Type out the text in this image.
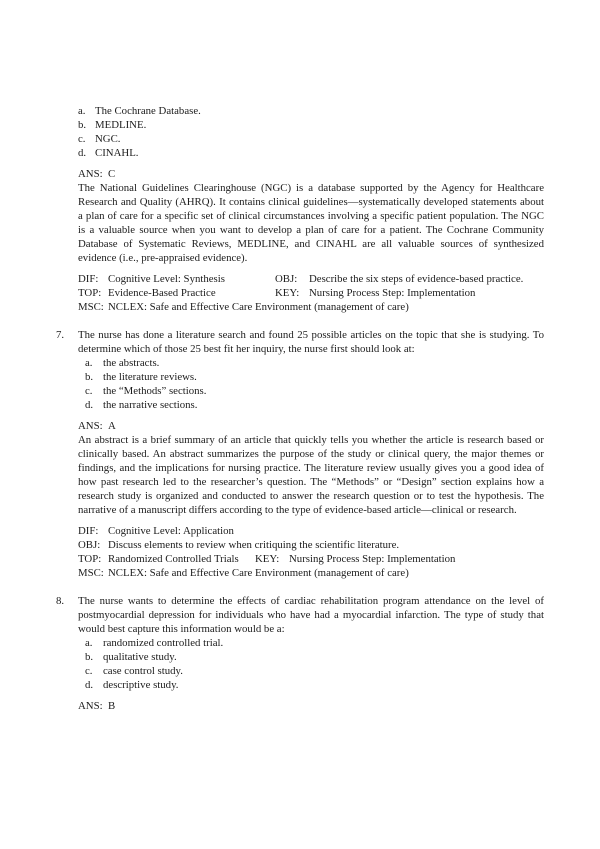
a. The Cochrane Database.
b. MEDLINE.
c. NGC.
d. CINAHL.
ANS: C

The National Guidelines Clearinghouse (NGC) is a database supported by the Agency for Healthcare Research and Quality (AHRQ). It contains clinical guidelines—systematically developed statements about a plan of care for a specific set of clinical circumstances involving a specific patient population. The NGC is a valuable source when you want to develop a plan of care for a patient. The Cochrane Community Database of Systematic Reviews, MEDLINE, and CINAHL are all valuable sources of synthesized evidence (i.e., pre-appraised evidence).

DIF: Cognitive Level: Synthesis	OBJ:	Describe the six steps of evidence-based practice.
TOP: Evidence-Based Practice	KEY: Nursing Process Step: Implementation
MSC: NCLEX: Safe and Effective Care Environment (management of care)
7.	The nurse has done a literature search and found 25 possible articles on the topic that she is studying. To determine which of those 25 best fit her inquiry, the nurse first should look at:
a. the abstracts.
b. the literature reviews.
c. the “Methods” sections.
d. the narrative sections.
ANS: A

An abstract is a brief summary of an article that quickly tells you whether the article is research based or clinically based. An abstract summarizes the purpose of the study or clinical query, the major themes or findings, and the implications for nursing practice. The literature review usually gives you a good idea of how past research led to the researcher’s question. The “Methods” or “Design” section explains how a research study is organized and conducted to answer the research question or to test the hypothesis. The narrative of a manuscript differs according to the type of evidence-based article—clinical or research.

DIF: Cognitive Level: Application
OBJ: Discuss elements to review when critiquing the scientific literature.
TOP: Randomized Controlled Trials KEY: Nursing Process Step: Implementation
MSC: NCLEX: Safe and Effective Care Environment (management of care)
8.	The nurse wants to determine the effects of cardiac rehabilitation program attendance on the level of postmyocardial depression for individuals who have had a myocardial infarction. The type of study that would best capture this information would be a:
a. randomized controlled trial.
b. qualitative study.
c. case control study.
d. descriptive study.
ANS: B
